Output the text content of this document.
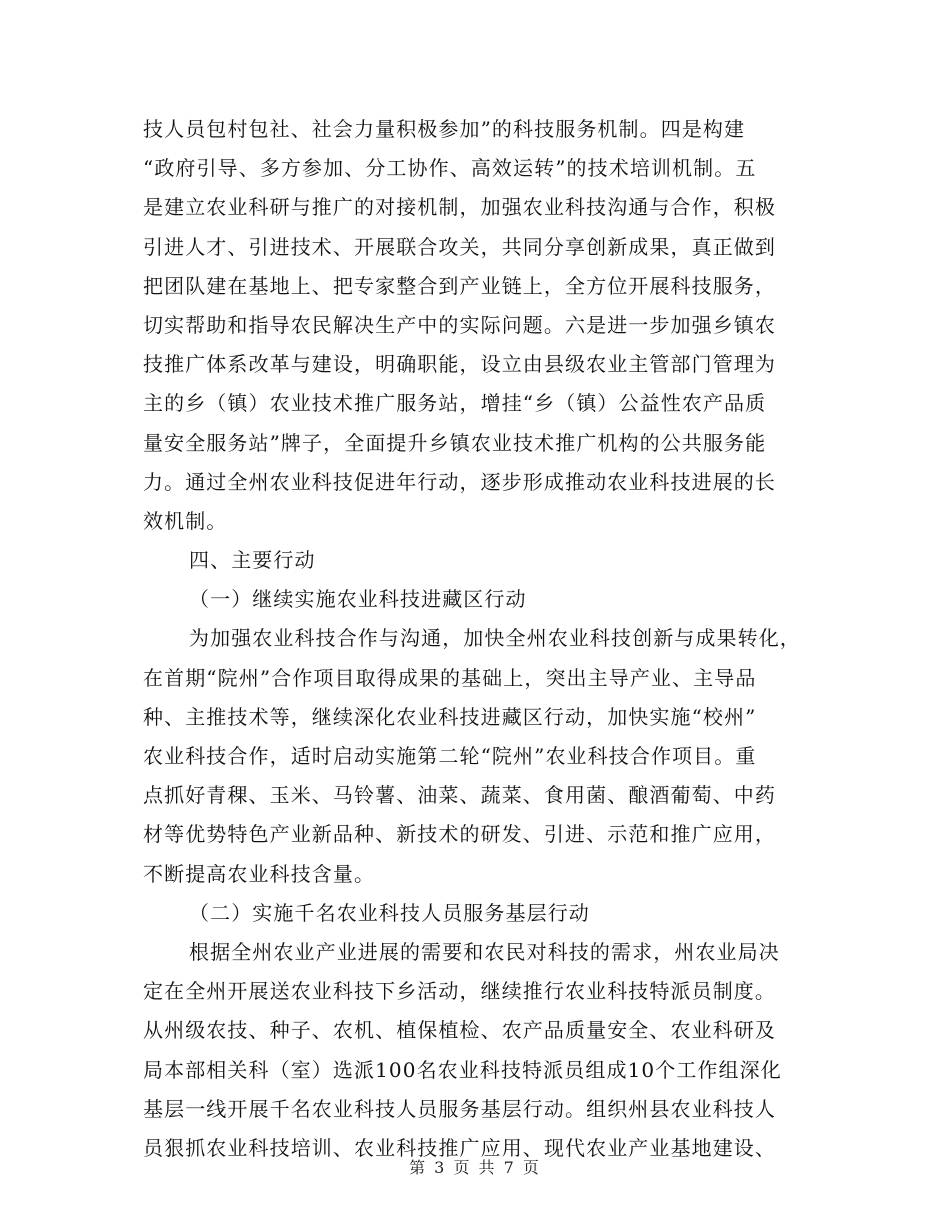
技人员包村包社、社会力量积极参加”的科技服务机制。四是构建
“政府引导、多方参加、分工协作、高效运转”的技术培训机制。五
是建立农业科研与推广的对接机制，加强农业科技沟通与合作，积极
引进人才、引进技术、开展联合攻关，共同分享创新成果，真正做到
把团队建在基地上、把专家整合到产业链上，全方位开展科技服务，
切实帮助和指导农民解决生产中的实际问题。六是进一步加强乡镇农
技推广体系改革与建设，明确职能，设立由县级农业主管部门管理为
主的乡（镇）农业技术推广服务站，增挂“乡（镇）公益性农产品质
量安全服务站”牌子，全面提升乡镇农业技术推广机构的公共服务能
力。通过全州农业科技促进年行动，逐步形成推动农业科技进展的长
效机制。
四、主要行动
（一）继续实施农业科技进藏区行动
为加强农业科技合作与沟通，加快全州农业科技创新与成果转化，
在首期“院州”合作项目取得成果的基础上，突出主导产业、主导品
种、主推技术等，继续深化农业科技进藏区行动，加快实施“校州”
农业科技合作，适时启动实施第二轮“院州”农业科技合作项目。重
点抓好青稞、玉米、马铃薯、油菜、蔬菜、食用菌、酿酒葡萄、中药
材等优势特色产业新品种、新技术的研发、引进、示范和推广应用，
不断提高农业科技含量。
（二）实施千名农业科技人员服务基层行动
根据全州农业产业进展的需要和农民对科技的需求，州农业局决
定在全州开展送农业科技下乡活动，继续推行农业科技特派员制度。
从州级农技、种子、农机、植保植检、农产品质量安全、农业科研及
局本部相关科（室）选派100名农业科技特派员组成10个工作组深化
基层一线开展千名农业科技人员服务基层行动。组织州县农业科技人
员狠抓农业科技培训、农业科技推广应用、现代农业产业基地建设、
第 3 页 共 7 页
